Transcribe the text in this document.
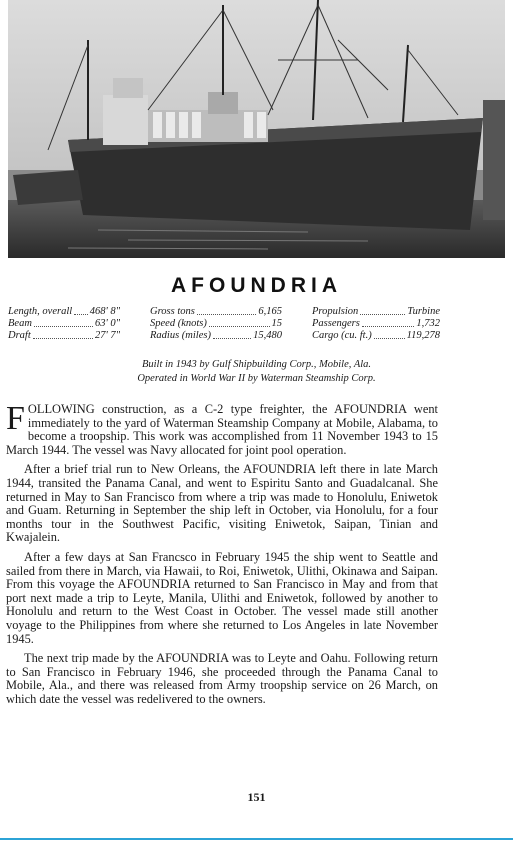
AFOUNDRIA
Length, overall 468' 8"
Beam	63' 0"
Draft	27' 7"
Gross tons	6,165
Speed (knots)	15
Radius (miles)	15,480
Propulsion	Turbine
Passengers	1,732
Cargo (cu. ft.)	119,278
Built in 1943 by Gulf Shipbuilding Corp., Mobile, Ala.
Operated in World War II by Waterman Steamship Corp.

FOLLOWING construction, as a C-2 type freighter, the AFOUNDRIA went immediately to the yard of Waterman Steamship Company at Mobile, Alabama, to become a troopship. This work was accomplished from 11 November 1943 to 15 March 1944. The vessel was Navy allocated for joint pool operation.

After a brief trial run to New Orleans, the AFOUNDRIA left there in late March 1944, transited the Panama Canal, and went to Espiritu Santo and Guadalcanal. She returned in May to San Francisco from where a trip was made to Honolulu, Eniwetok and Guam. Returning in September the ship left in October, via Honolulu, for a four months tour in the Southwest Pacific, visiting Eniwetok, Saipan, Tinian and Kwajalein.

After a few days at San Francsco in February 1945 the ship went to Seattle and sailed from there in March, via Hawaii, to Roi, Eniwetok, Ulithi, Okinawa and Saipan. From this voyage the AFOUNDRIA returned to San Francisco in May and from that port next made a trip to Leyte, Manila, Ulithi and Eniwetok, followed by another to Honolulu and return to the West Coast in October. The vessel made still another voyage to the Philippines from where she returned to Los Angeles in late November 1945.

The next trip made by the AFOUNDRIA was to Leyte and Oahu. Following return to San Francisco in February 1946, she proceeded through the Panama Canal to Mobile, Ala., and there was released from Army troopship service on 26 March, on which date the vessel was redelivered to the owners.

151
